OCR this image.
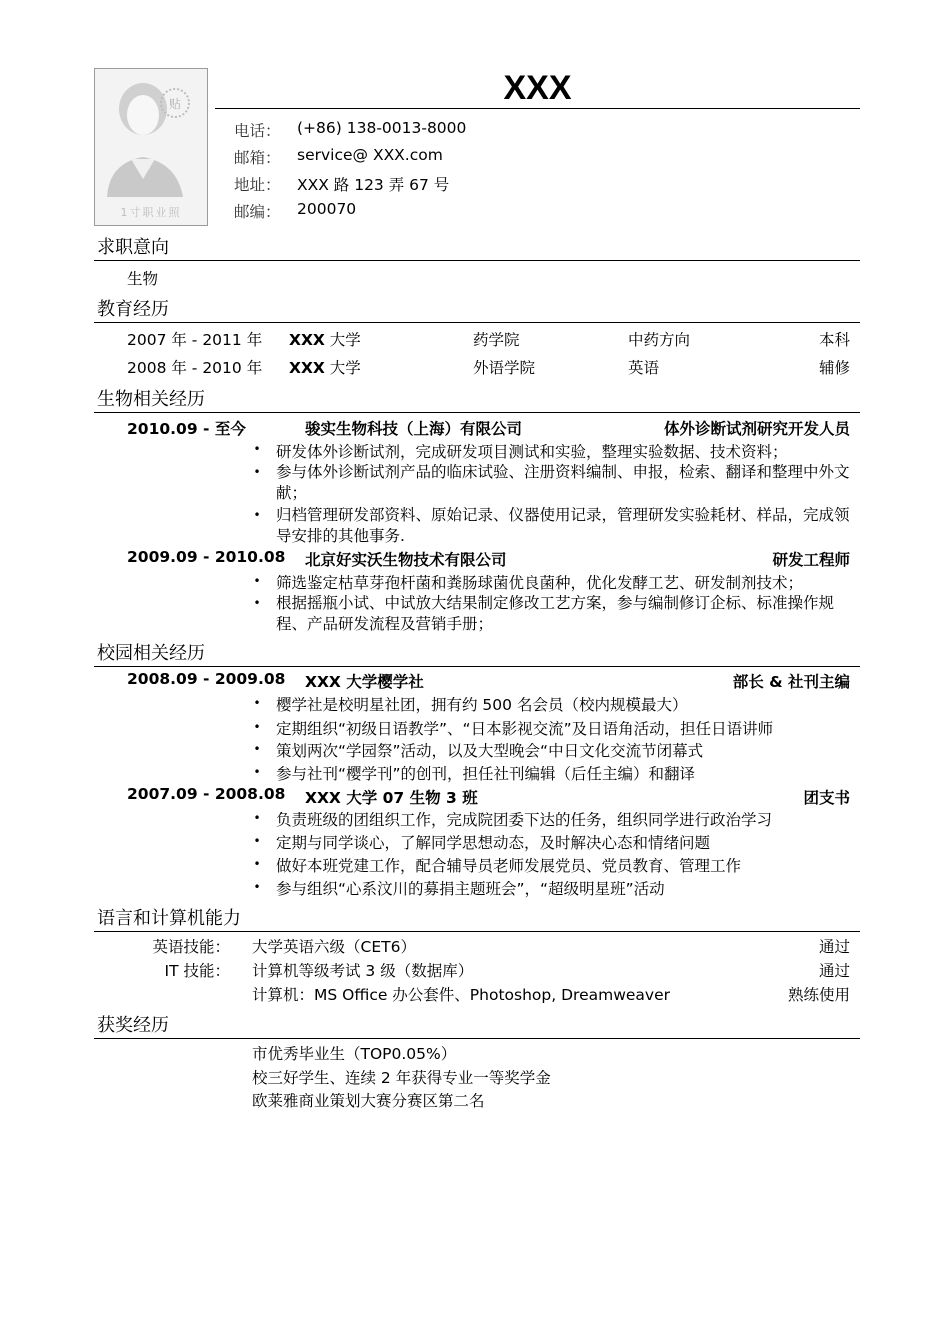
贴
1寸职业照
XXX
电话： (+86) 138-0013-8000
邮箱： service@ XXX.com
地址： XXX 路 123 弄 67 号
邮编： 200070
求职意向
生物
教育经历
2007 年 - 2011 年 XXX 大学	药学院	中药方向	本科
2008 年 - 2010 年 XXX 大学	外语学院	英语	辅修
生物相关经历
2010.09 - 至今	骏实生物科技（上海）有限公司	体外诊断试剂研究开发人员
• 研发体外诊断试剂，完成研发项目测试和实验，整理实验数据、技术资料；
• 参与体外诊断试剂产品的临床试验、注册资料编制、申报，检索、翻译和整理中外文献；
• 归档管理研发部资料、原始记录、仪器使用记录，管理研发实验耗材、样品，完成领导安排的其他事务.
2009.09 - 2010.08 北京好实沃生物技术有限公司	研发工程师
• 筛选鉴定枯草芽孢杆菌和粪肠球菌优良菌种，优化发酵工艺、研发制剂技术；
• 根据摇瓶小试、中试放大结果制定修改工艺方案，参与编制修订企标、标准操作规程、产品研发流程及营销手册；
校园相关经历
2008.09 - 2009.08 XXX 大学樱学社	部长 & 社刊主编
• 樱学社是校明星社团，拥有约 500 名会员（校内规模最大）
• 定期组织“初级日语教学”、“日本影视交流”及日语角活动，担任日语讲师
• 策划两次“学园祭”活动，以及大型晚会“中日文化交流节闭幕式
• 参与社刊“樱学刊”的创刊，担任社刊编辑（后任主编）和翻译
2007.09 - 2008.08 XXX 大学 07 生物 3 班	团支书
• 负责班级的团组织工作，完成院团委下达的任务，组织同学进行政治学习
• 定期与同学谈心，了解同学思想动态，及时解决心态和情绪问题
• 做好本班党建工作，配合辅导员老师发展党员、党员教育、管理工作
• 参与组织“心系汶川的募捐主题班会”，“超级明星班”活动
语言和计算机能力
英语技能： 大学英语六级（CET6）	通过
IT 技能： 计算机等级考试 3 级（数据库）	通过
计算机：MS Office 办公套件、Photoshop, Dreamweaver	熟练使用
获奖经历
市优秀毕业生（TOP0.05%）
校三好学生、连续 2 年获得专业一等奖学金
欧莱雅商业策划大赛分赛区第二名
